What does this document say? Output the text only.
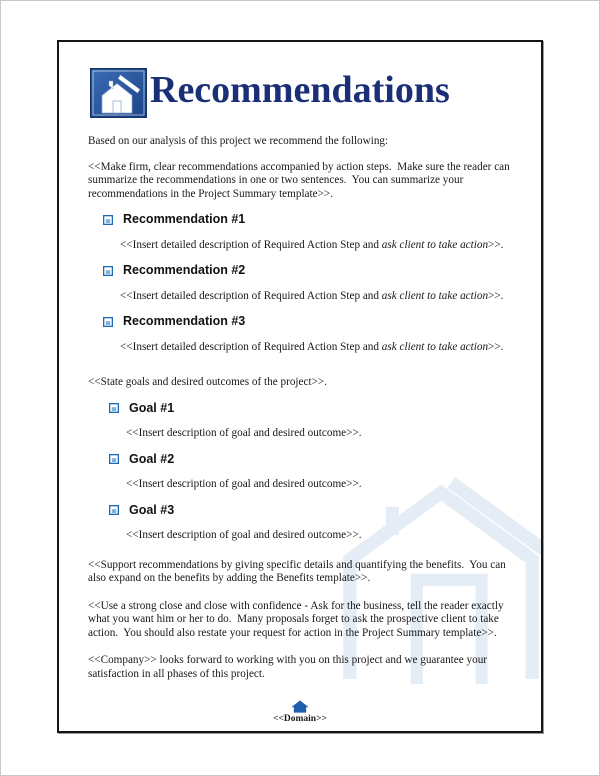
Recommendations

Based on our analysis of this project we recommend the following:

<<Make firm, clear recommendations accompanied by action steps.  Make sure the reader can summarize the recommendations in one or two sentences.  You can summarize your recommendations in the Project Summary template>>.

Recommendation #1

<<Insert detailed description of Required Action Step and ask client to take action>>.

Recommendation #2

<<Insert detailed description of Required Action Step and ask client to take action>>.

Recommendation #3

<<Insert detailed description of Required Action Step and ask client to take action>>.

<<State goals and desired outcomes of the project>>.

Goal #1

<<Insert description of goal and desired outcome>>.

Goal #2

<<Insert description of goal and desired outcome>>.

Goal #3

<<Insert description of goal and desired outcome>>.

<<Support recommendations by giving specific details and quantifying the benefits.  You can also expand on the benefits by adding the Benefits template>>.

<<Use a strong close and close with confidence - Ask for the business, tell the reader exactly what you want him or her to do.  Many proposals forget to ask the prospective client to take action.  You should also restate your request for action in the Project Summary template>>.

<<Company>> looks forward to working with you on this project and we guarantee your satisfaction in all phases of this project.

<<Domain>>
